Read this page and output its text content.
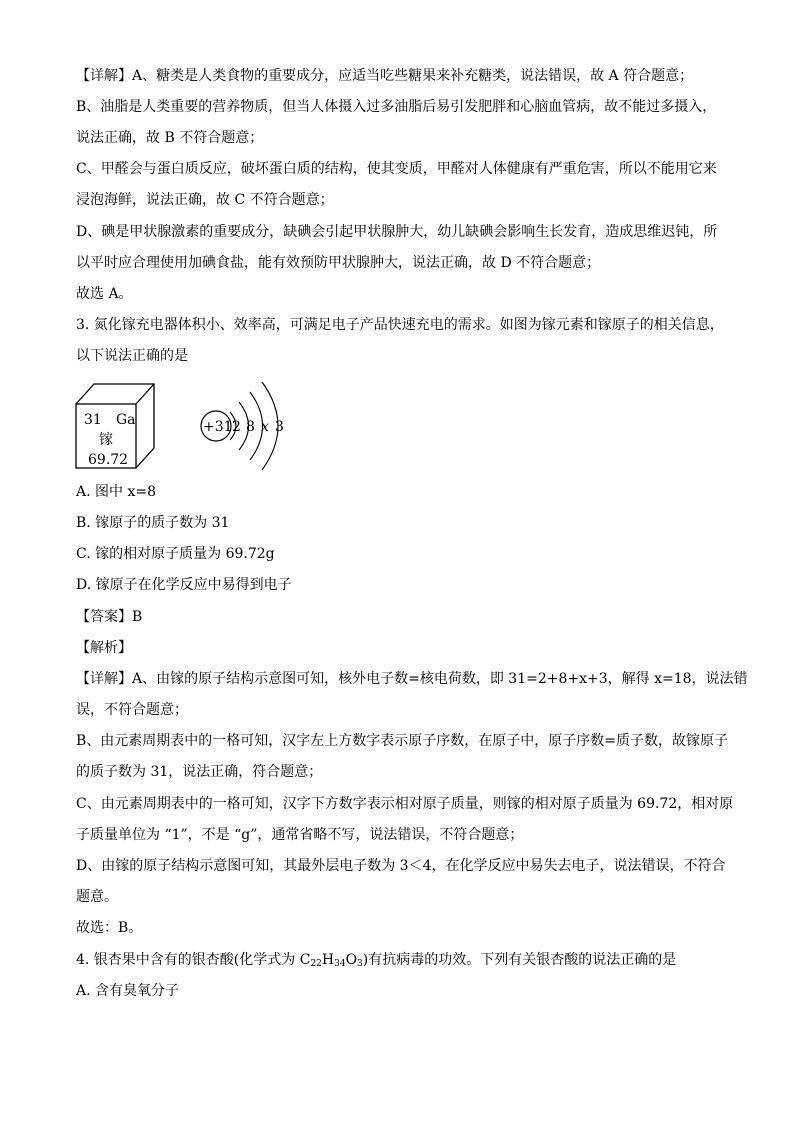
【详解】A、糖类是人类食物的重要成分，应适当吃些糖果来补充糖类，说法错误，故 A 符合题意；
B、油脂是人类重要的营养物质，但当人体摄入过多油脂后易引发肥胖和心脑血管病，故不能过多摄入，
说法正确，故 B 不符合题意；
C、甲醛会与蛋白质反应，破坏蛋白质的结构，使其变质，甲醛对人体健康有严重危害，所以不能用它来
浸泡海鲜，说法正确，故 C 不符合题意；
D、碘是甲状腺激素的重要成分，缺碘会引起甲状腺肿大，幼儿缺碘会影响生长发育，造成思维迟钝，所
以平时应合理使用加碘食盐，能有效预防甲状腺肿大，说法正确，故 D 不符合题意；
故选 A。
3. 氮化镓充电器体积小、效率高，可满足电子产品快速充电的需求。如图为镓元素和镓原子的相关信息，
以下说法正确的是
31 Ga
镓
69.72
+31 2 8 x 3
A. 图中 x=8
B. 镓原子的质子数为 31
C. 镓的相对原子质量为 69.72g
D. 镓原子在化学反应中易得到电子
【答案】B
【解析】
【详解】A、由镓的原子结构示意图可知，核外电子数=核电荷数，即 31=2+8+x+3，解得 x=18，说法错
误，不符合题意；
B、由元素周期表中的一格可知，汉字左上方数字表示原子序数，在原子中，原子序数=质子数，故镓原子
的质子数为 31，说法正确，符合题意；
C、由元素周期表中的一格可知，汉字下方数字表示相对原子质量，则镓的相对原子质量为 69.72，相对原
子质量单位为 “1”，不是 “g”，通常省略不写，说法错误，不符合题意；
D、由镓的原子结构示意图可知，其最外层电子数为 3＜4，在化学反应中易失去电子，说法错误，不符合
题意。
故选：B。
4. 银杏果中含有的银杏酸(化学式为 $C_{22}H_{34}O_3$)有抗病毒的功效。下列有关银杏酸的说法正确的是
A. 含有臭氧分子
